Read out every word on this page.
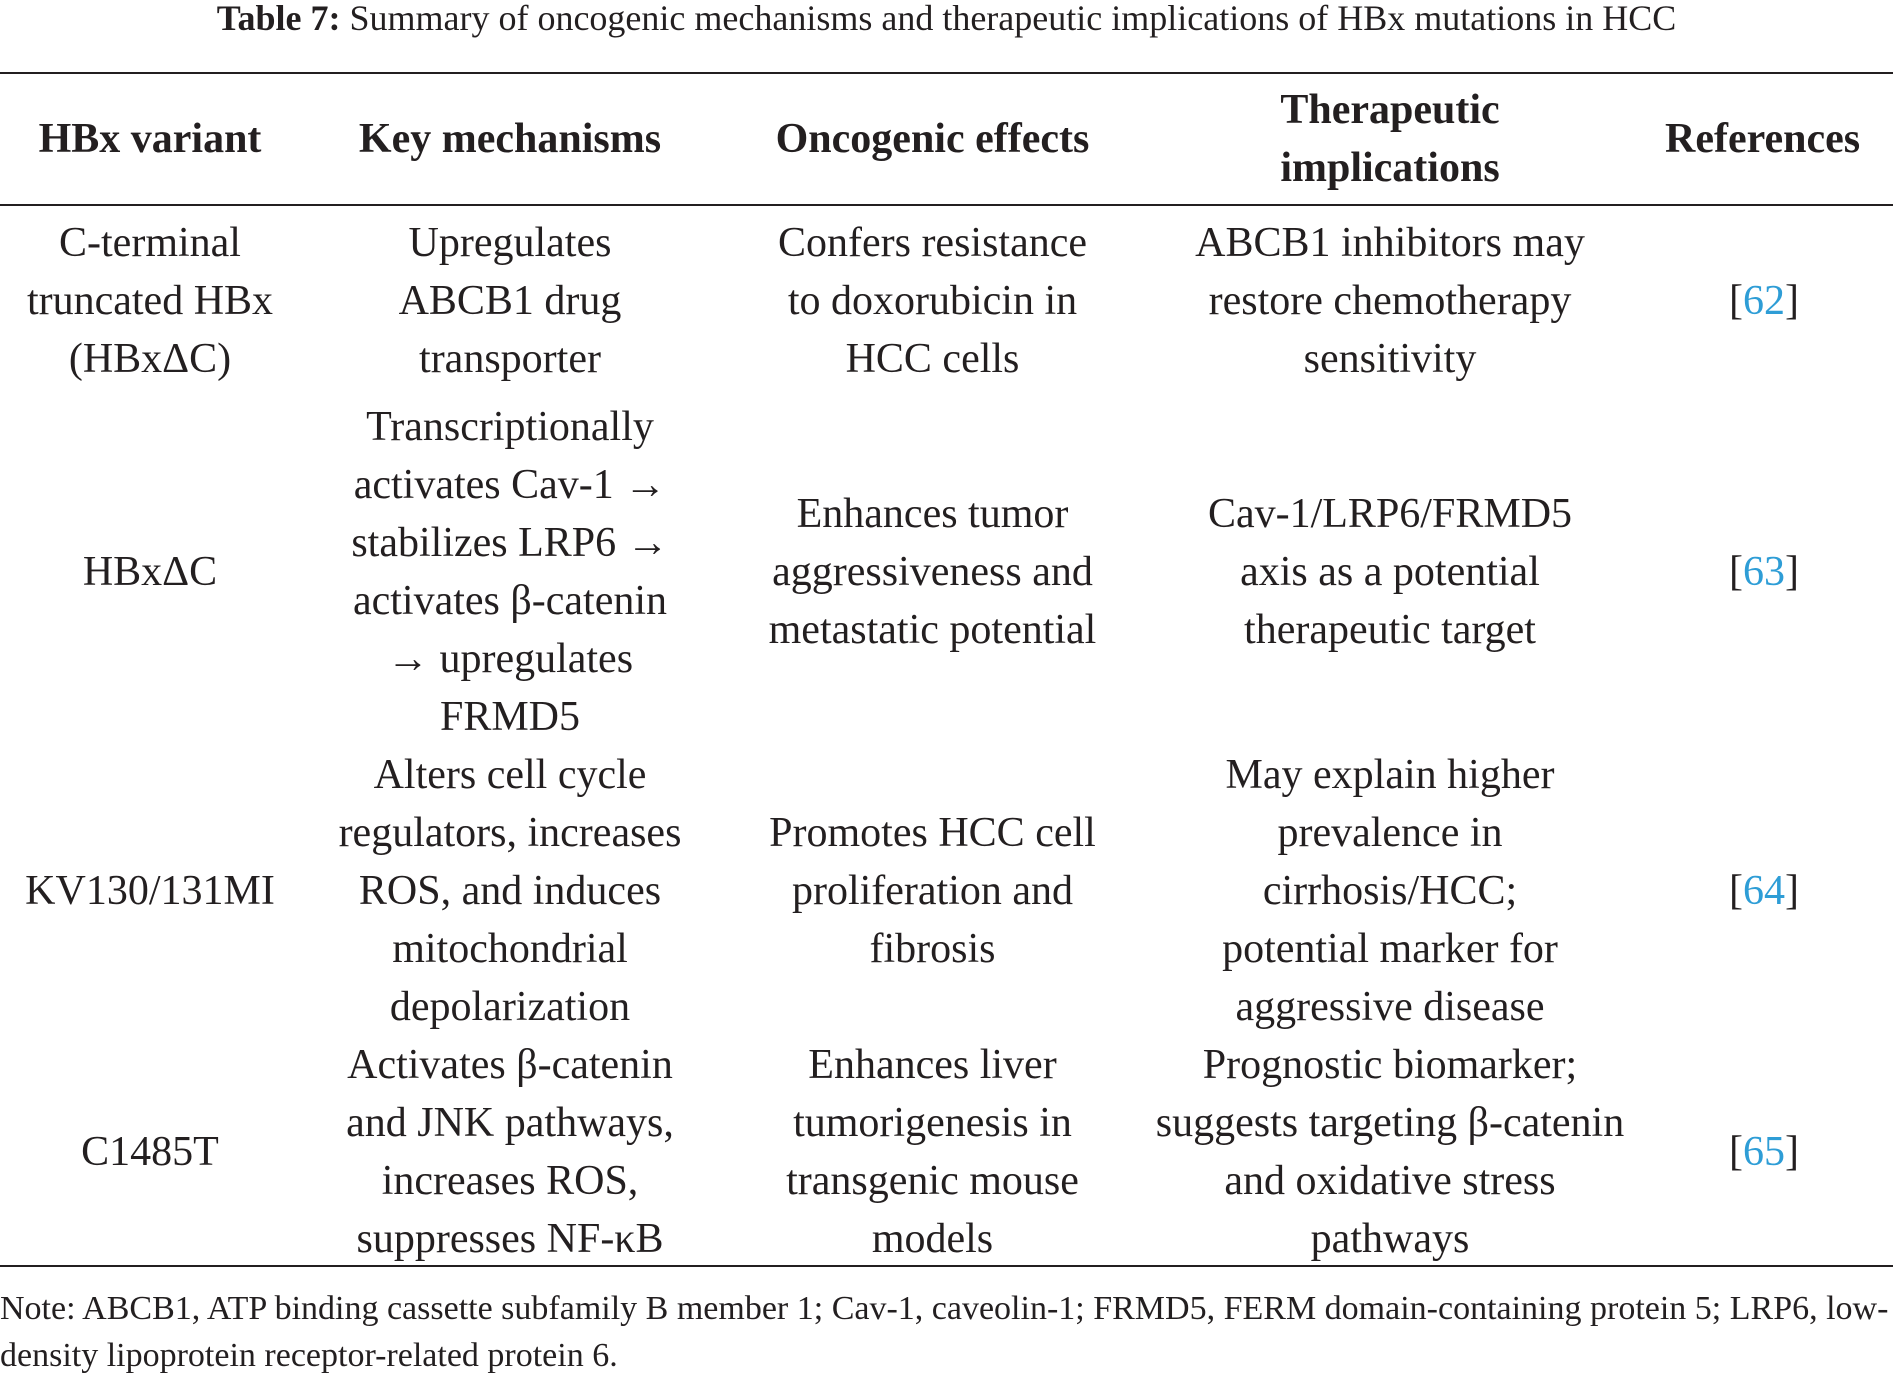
Table 7: Summary of oncogenic mechanisms and therapeutic implications of HBx mutations in HCC
HBx variant	Key mechanisms	Oncogenic effects	Therapeutic implications	References
C-terminal truncated HBx (HBxΔC)	Upregulates ABCB1 drug transporter	Confers resistance to doxorubicin in HCC cells	ABCB1 inhibitors may restore chemotherapy sensitivity	[62]
HBxΔC	Transcriptionally activates Cav-1 → stabilizes LRP6 → activates β-catenin → upregulates FRMD5	Enhances tumor aggressiveness and metastatic potential	Cav-1/LRP6/FRMD5 axis as a potential therapeutic target	[63]
KV130/131MI	Alters cell cycle regulators, increases ROS, and induces mitochondrial depolarization	Promotes HCC cell proliferation and fibrosis	May explain higher prevalence in cirrhosis/HCC; potential marker for aggressive disease	[64]
C1485T	Activates β-catenin and JNK pathways, increases ROS, suppresses NF-κB	Enhances liver tumorigenesis in transgenic mouse models	Prognostic biomarker; suggests targeting β-catenin and oxidative stress pathways	[65]
Note: ABCB1, ATP binding cassette subfamily B member 1; Cav-1, caveolin-1; FRMD5, FERM domain-containing protein 5; LRP6, low-density lipoprotein receptor-related protein 6.
